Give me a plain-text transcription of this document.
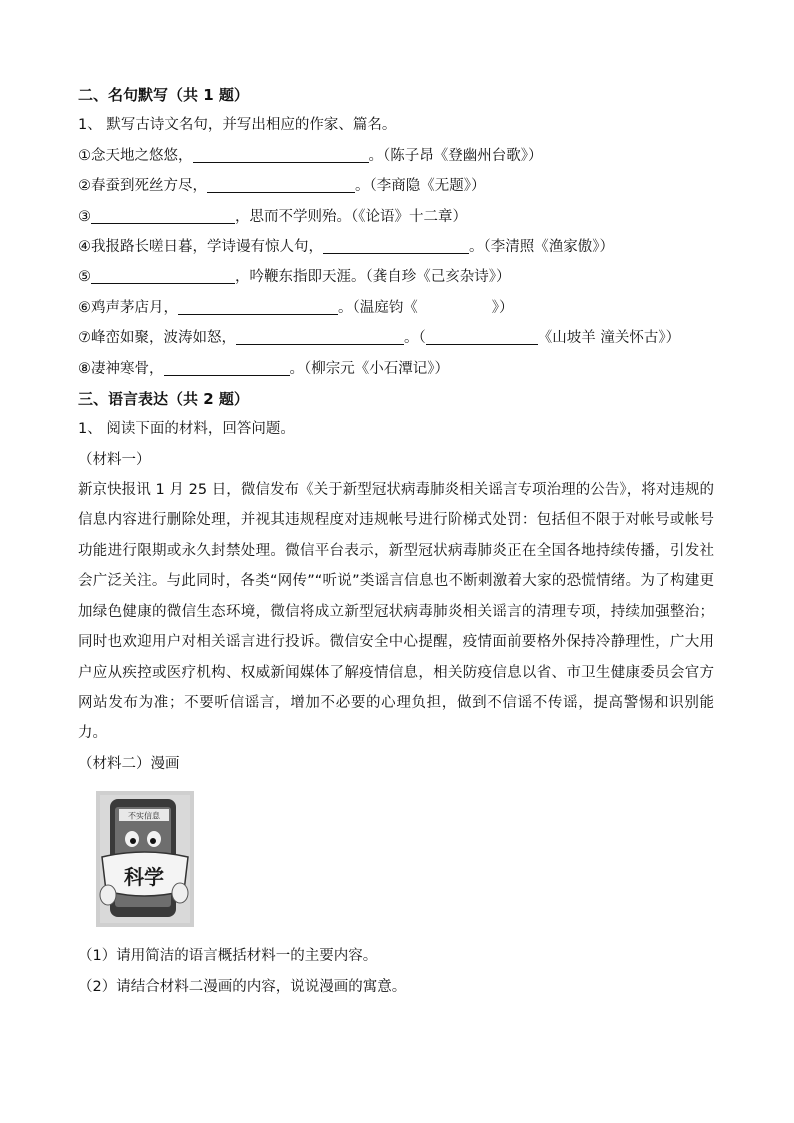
二、名句默写（共 1 题）
1、 默写古诗文名句，并写出相应的作家、篇名。
①念天地之悠悠，	。（陈子昂《登幽州台歌》）
②春蚕到死丝方尽，	。（李商隐《无题》）
③	，思而不学则殆。（《论语》十二章）
④我报路长嗟日暮，学诗谩有惊人句，	。（李清照《渔家傲》）
⑤	，吟鞭东指即天涯。（龚自珍《己亥杂诗》）
⑥鸡声茅店月，	。（温庭钧《	》）
⑦峰峦如聚，波涛如怒，	。（	《山坡羊 潼关怀古》）
⑧凄神寒骨，	。（柳宗元《小石潭记》）
三、语言表达（共 2 题）
1、 阅读下面的材料，回答问题。
（材料一）
新京快报讯 1 月 25 日，微信发布《关于新型冠状病毒肺炎相关谣言专项治理的公告》，将对违规的信息内容进行删除处理，并视其违规程度对违规帐号进行阶梯式处罚：包括但不限于对帐号或帐号功能进行限期或永久封禁处理。微信平台表示，新型冠状病毒肺炎正在全国各地持续传播，引发社会广泛关注。与此同时，各类“网传”“听说”类谣言信息也不断刺激着大家的恐慌情绪。为了构建更加绿色健康的微信生态环境，微信将成立新型冠状病毒肺炎相关谣言的清理专项，持续加强整治；同时也欢迎用户对相关谣言进行投诉。微信安全中心提醒，疫情面前要格外保持冷静理性，广大用户应从疾控或医疗机构、权威新闻媒体了解疫情信息，相关防疫信息以省、市卫生健康委员会官方网站发布为准；不要听信谣言，增加不必要的心理负担，做到不信谣不传谣，提高警惕和识别能力。
（材料二）漫画
不实信息
科学
（1）请用简洁的语言概括材料一的主要内容。
（2）请结合材料二漫画的内容，说说漫画的寓意。
